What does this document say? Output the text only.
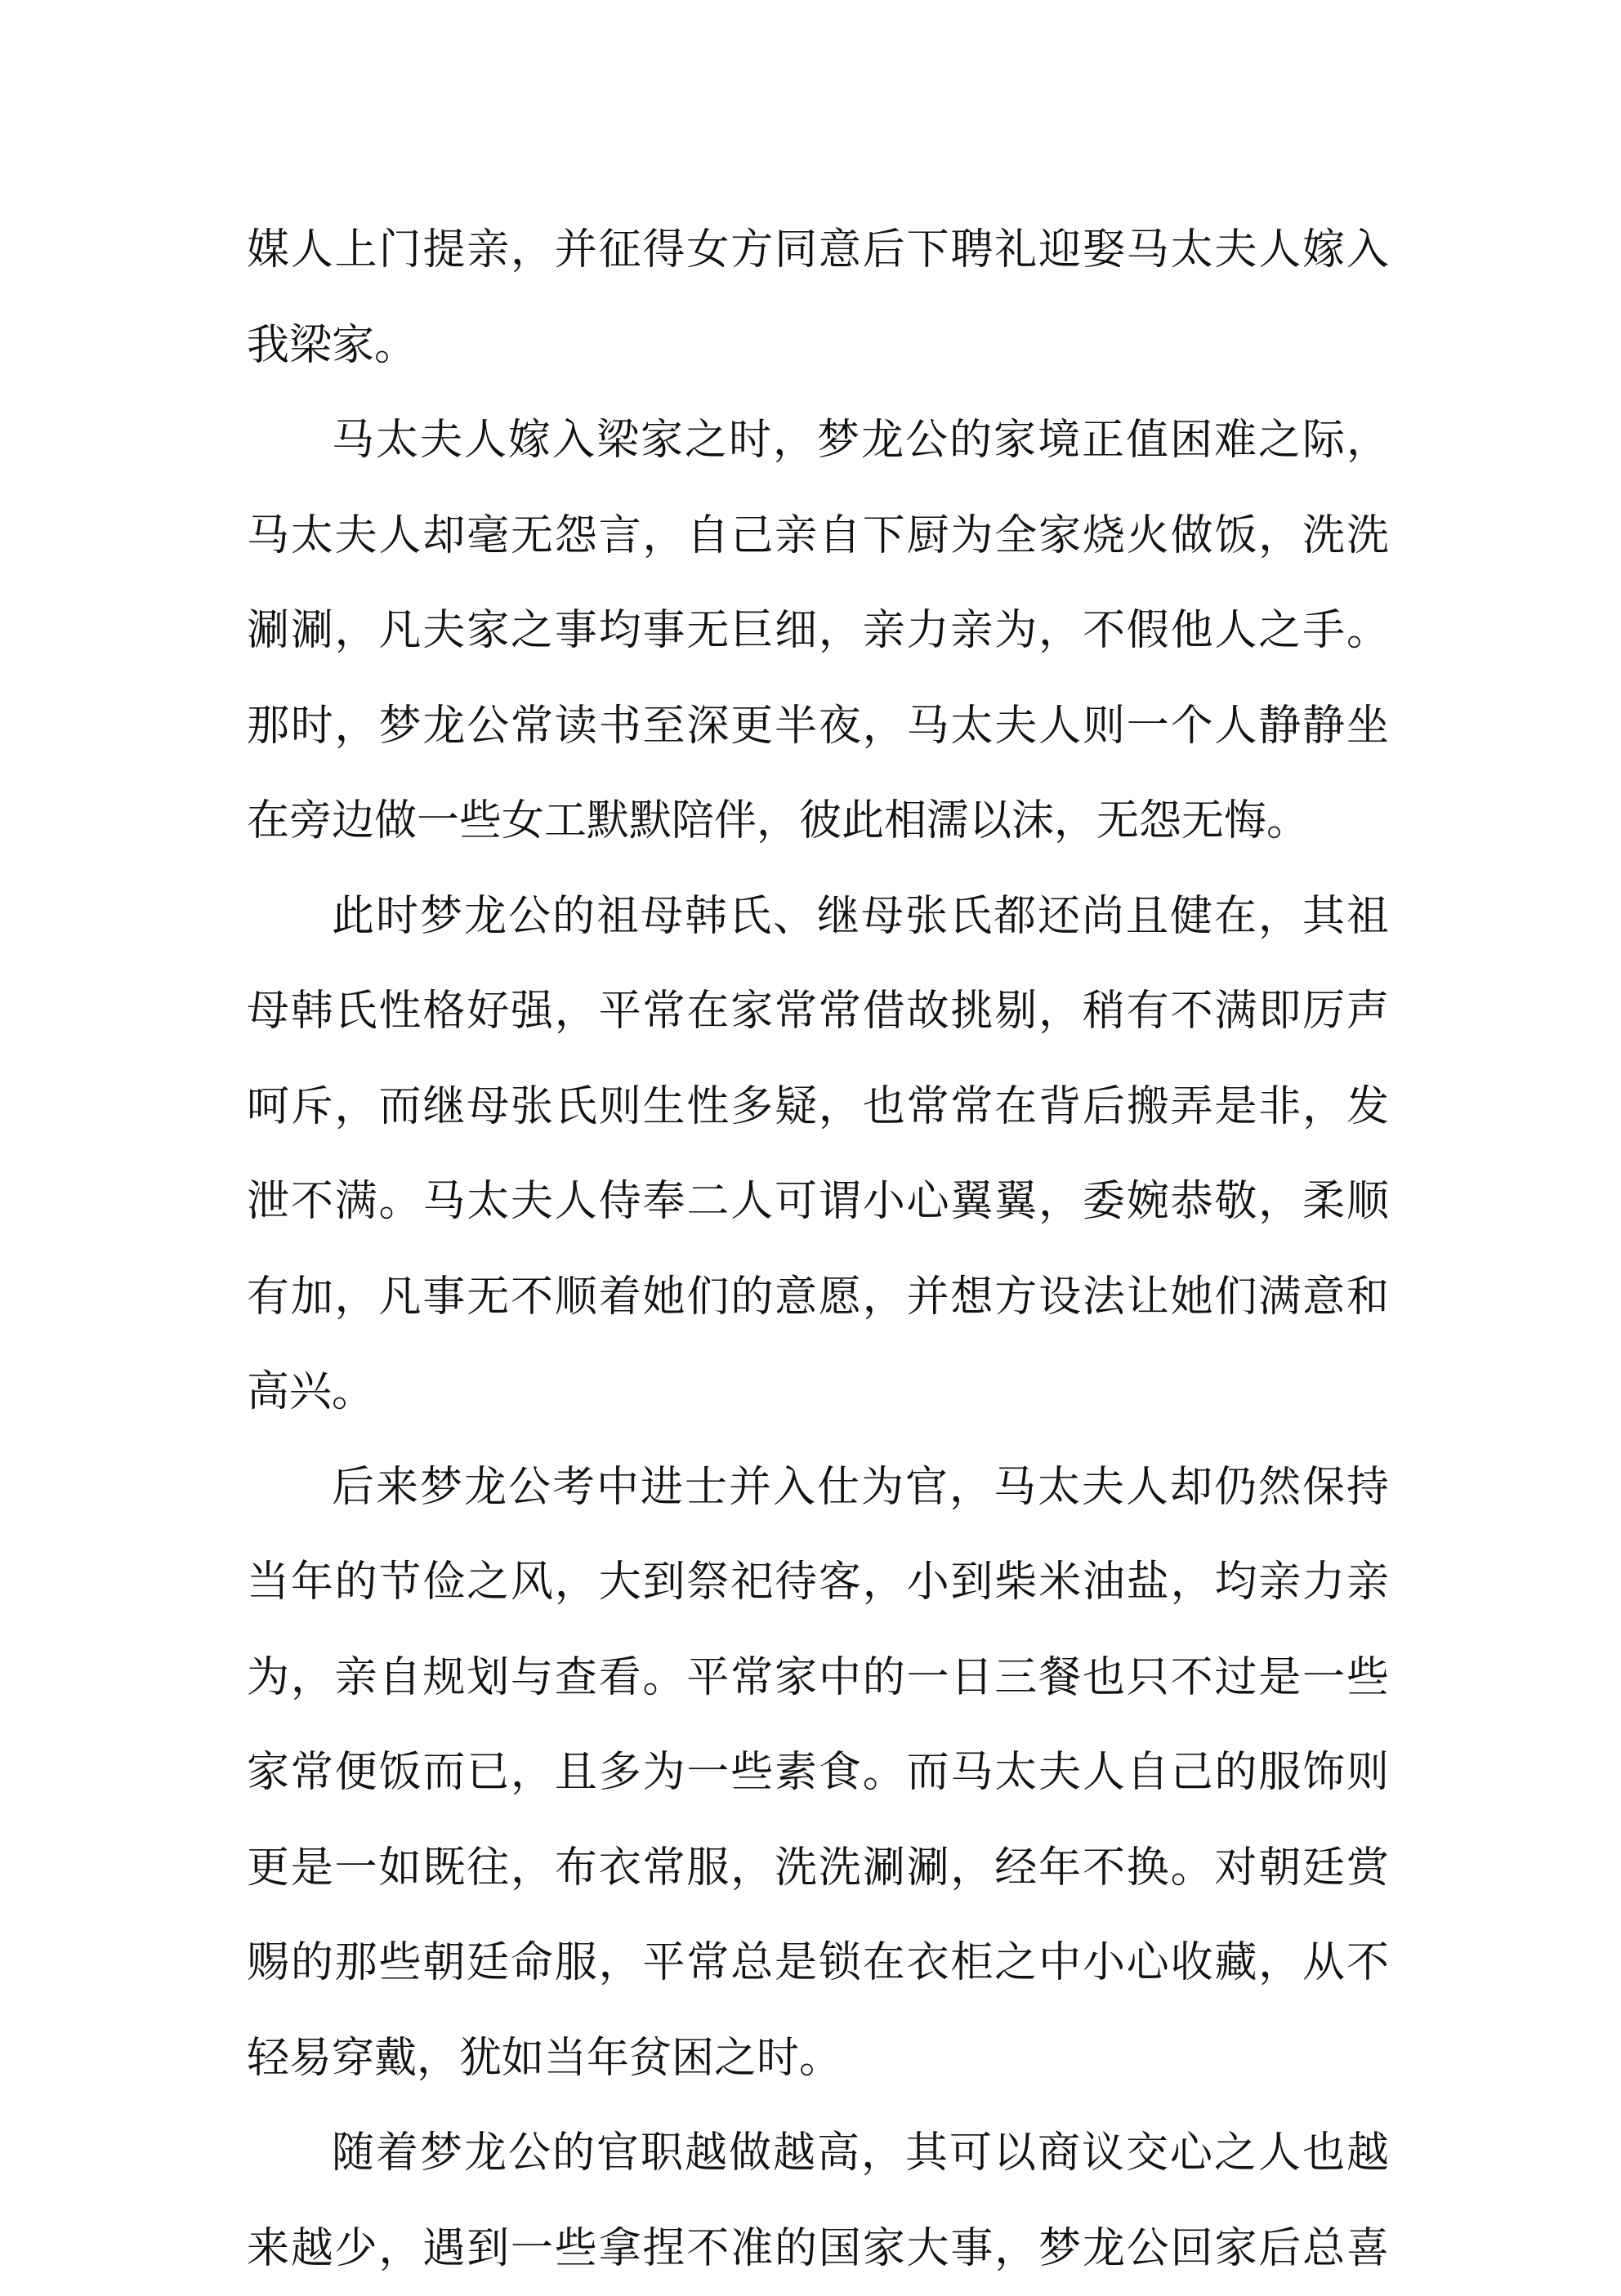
媒人上门提亲，并征得女方同意后下聘礼迎娶马太夫人嫁入
我梁家。
马太夫人嫁入梁家之时，梦龙公的家境正值困难之际，
马太夫人却毫无怨言，自己亲自下厨为全家烧火做饭，洗洗
涮涮，凡夫家之事均事无巨细，亲力亲为，不假他人之手。
那时，梦龙公常读书至深更半夜，马太夫人则一个人静静坐
在旁边做一些女工默默陪伴，彼此相濡以沫，无怨无悔。
此时梦龙公的祖母韩氏、继母张氏都还尚且健在，其祖
母韩氏性格好强，平常在家常常借故挑剔，稍有不满即厉声
呵斥，而继母张氏则生性多疑，也常常在背后搬弄是非，发
泄不满。马太夫人侍奉二人可谓小心翼翼，委婉恭敬，柔顺
有加，凡事无不顺着她们的意愿，并想方设法让她们满意和
高兴。
后来梦龙公考中进士并入仕为官，马太夫人却仍然保持
当年的节俭之风，大到祭祀待客，小到柴米油盐，均亲力亲
为，亲自规划与查看。平常家中的一日三餐也只不过是一些
家常便饭而已，且多为一些素食。而马太夫人自己的服饰则
更是一如既往，布衣常服，洗洗涮涮，经年不换。对朝廷赏
赐的那些朝廷命服，平常总是锁在衣柜之中小心收藏，从不
轻易穿戴，犹如当年贫困之时。
随着梦龙公的官职越做越高，其可以商议交心之人也越
来越少，遇到一些拿捏不准的国家大事，梦龙公回家后总喜
